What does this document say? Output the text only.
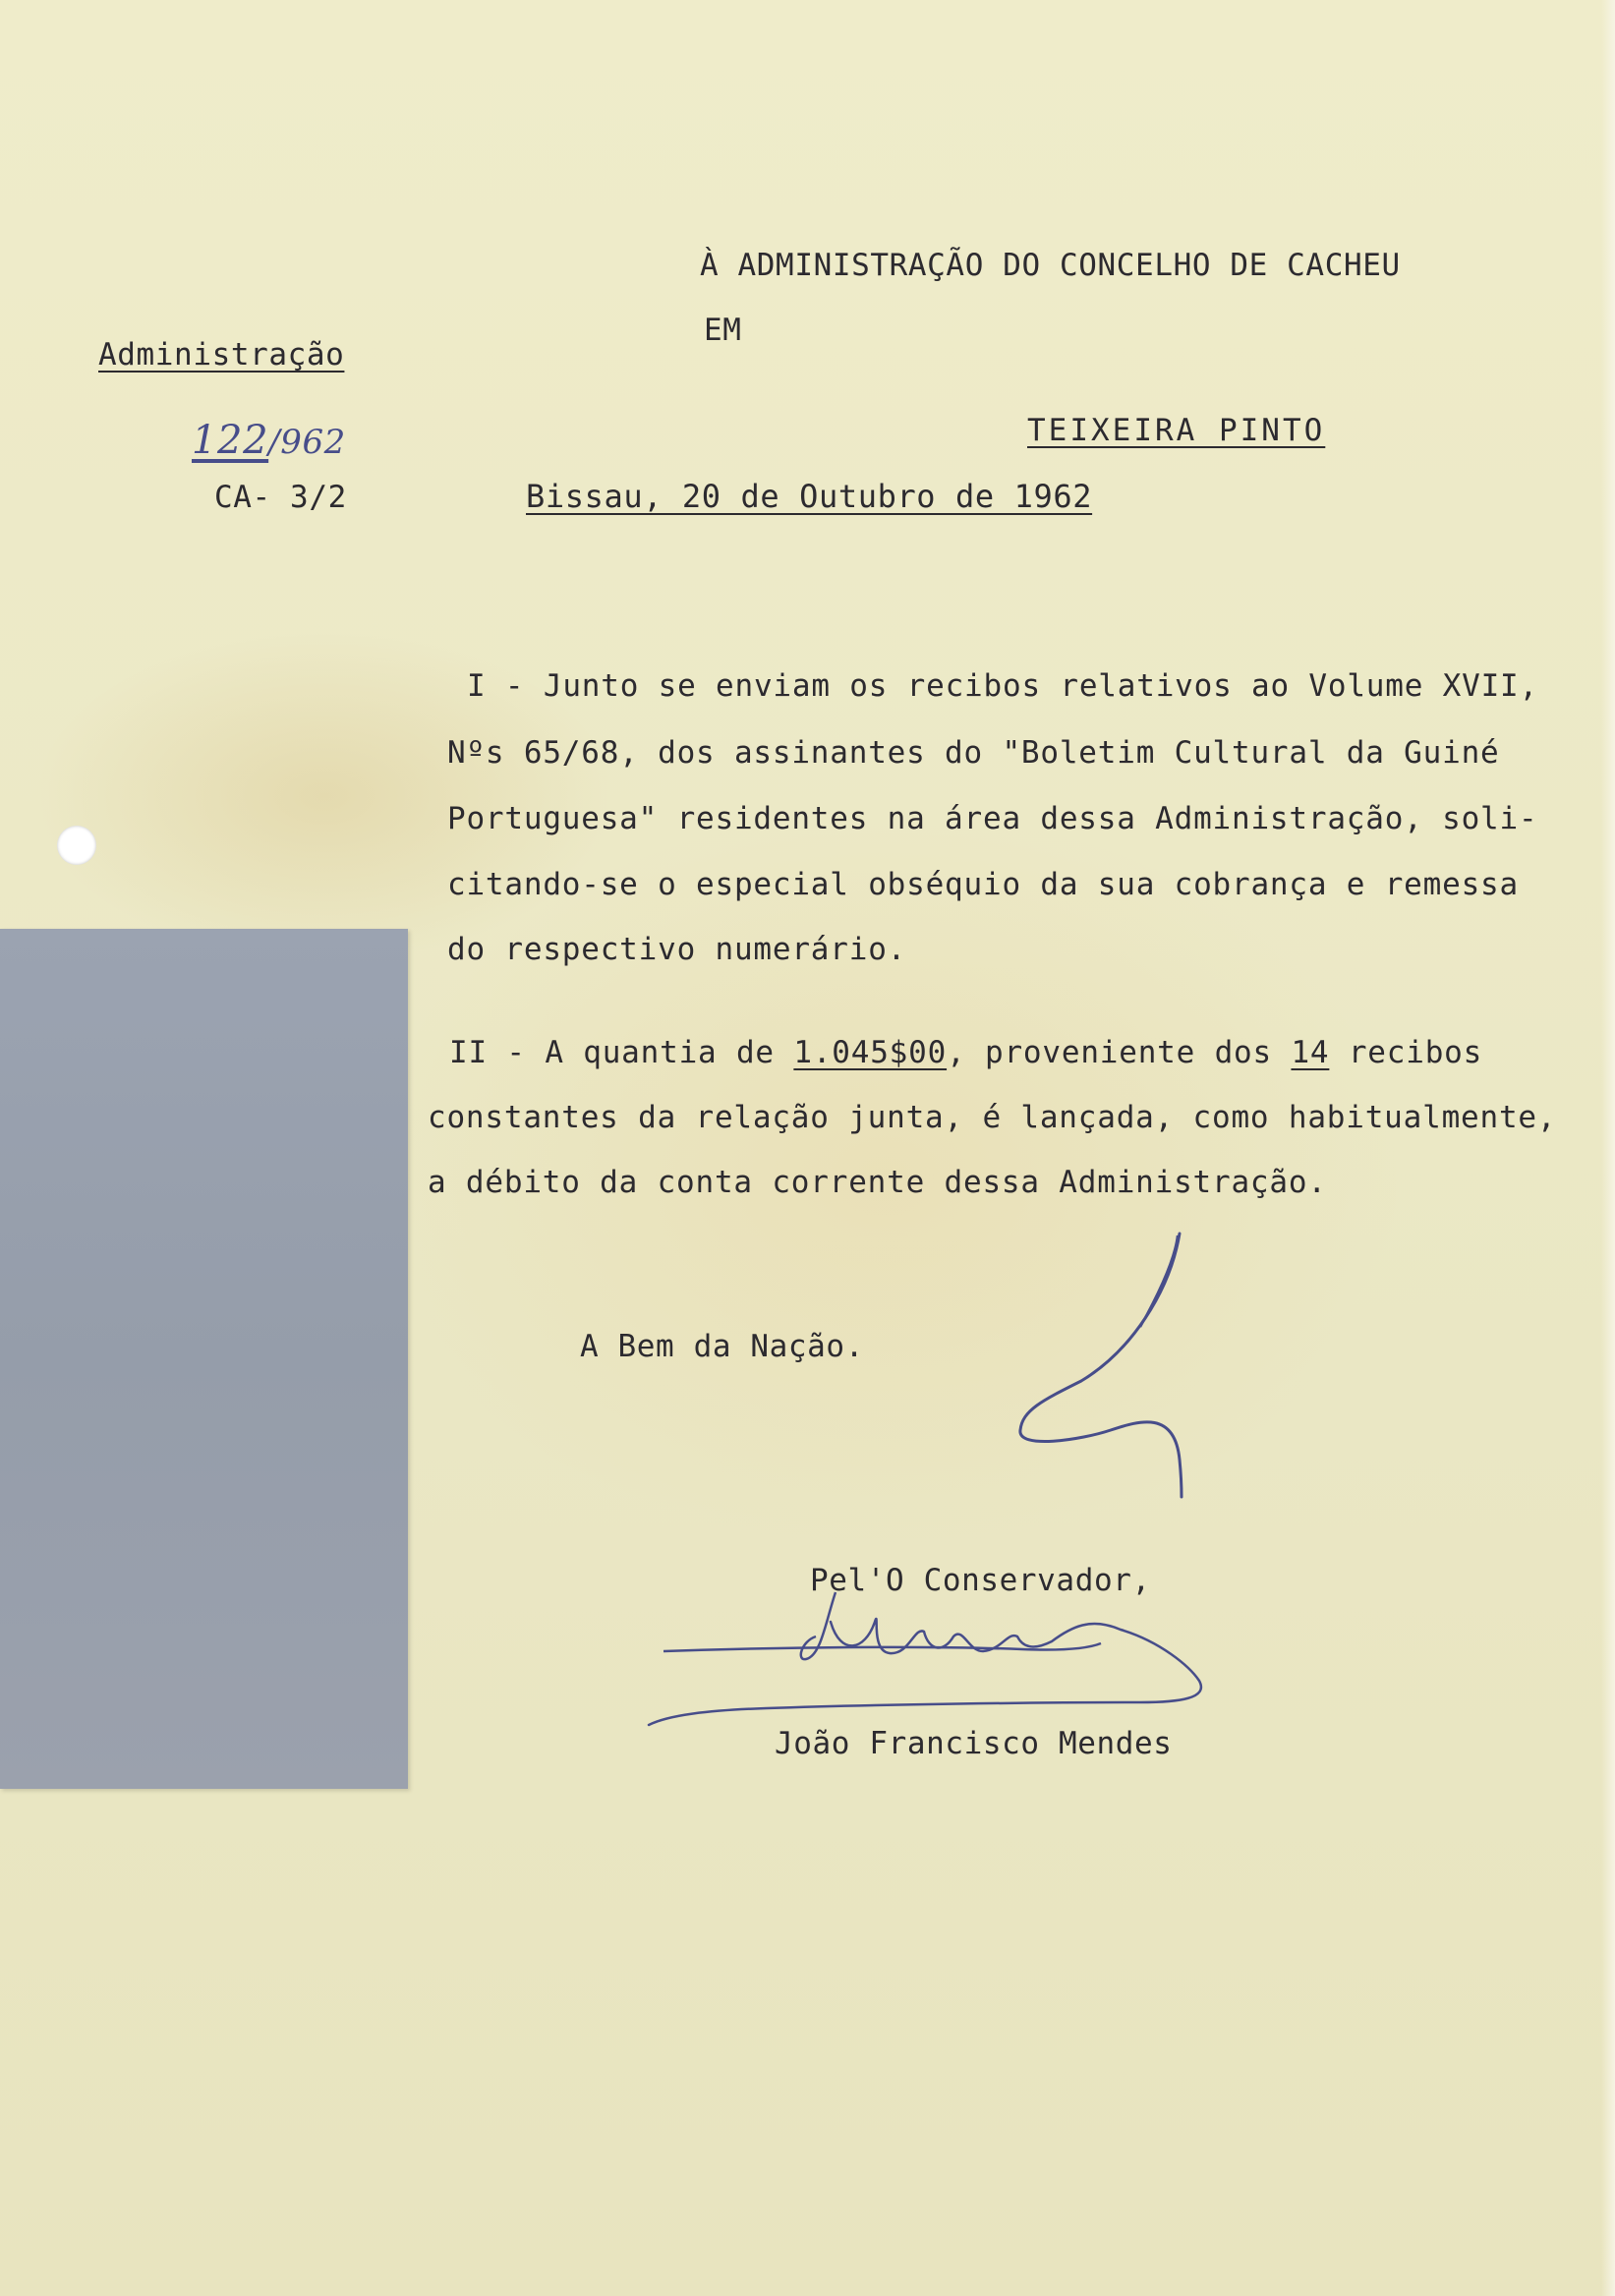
À ADMINISTRAÇÃO DO CONCELHO DE CACHEU
EM
TEIXEIRA PINTO
Bissau, 20 de Outubro de 1962
Administração
122/962
CA- 3/2
I - Junto se enviam os recibos relativos ao Volume XVII,
Nºs 65/68, dos assinantes do "Boletim Cultural da Guiné
Portuguesa" residentes na área dessa Administração, soli-
citando-se o especial obséquio da sua cobrança e remessa
do respectivo numerário.
II - A quantia de 1.045$00, proveniente dos 14 recibos
constantes da relação junta, é lançada, como habitualmente,
a débito da conta corrente dessa Administração.
A Bem da Nação.
Pel'O Conservador,
João Francisco Mendes
